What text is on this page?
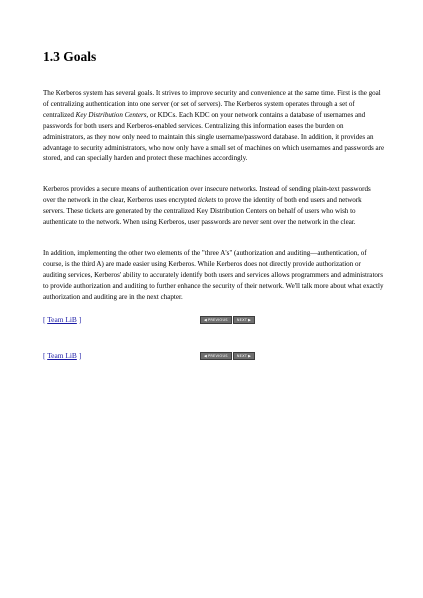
1.3 Goals

The Kerberos system has several goals. It strives to improve security and convenience at the same time. First is the goal of centralizing authentication into one server (or set of servers). The Kerberos system operates through a set of centralized Key Distribution Centers, or KDCs. Each KDC on your network contains a database of usernames and passwords for both users and Kerberos-enabled services. Centralizing this information eases the burden on administrators, as they now only need to maintain this single username/password database. In addition, it provides an advantage to security administrators, who now only have a small set of machines on which usernames and passwords are stored, and can specially harden and protect these machines accordingly.

Kerberos provides a secure means of authentication over insecure networks. Instead of sending plain-text passwords over the network in the clear, Kerberos uses encrypted tickets to prove the identity of both end users and network servers. These tickets are generated by the centralized Key Distribution Centers on behalf of users who wish to authenticate to the network. When using Kerberos, user passwords are never sent over the network in the clear.

In addition, implementing the other two elements of the "three A's" (authorization and auditing—authentication, of course, is the third A) are made easier using Kerberos. While Kerberos does not directly provide authorization or auditing services, Kerberos' ability to accurately identify both users and services allows programmers and administrators to provide authorization and auditing to further enhance the security of their network. We'll talk more about what exactly authorization and auditing are in the next chapter.

[ Team LiB ]	◀ PREVIOUS	NEXT ▶
[ Team LiB ]	◀ PREVIOUS	NEXT ▶
